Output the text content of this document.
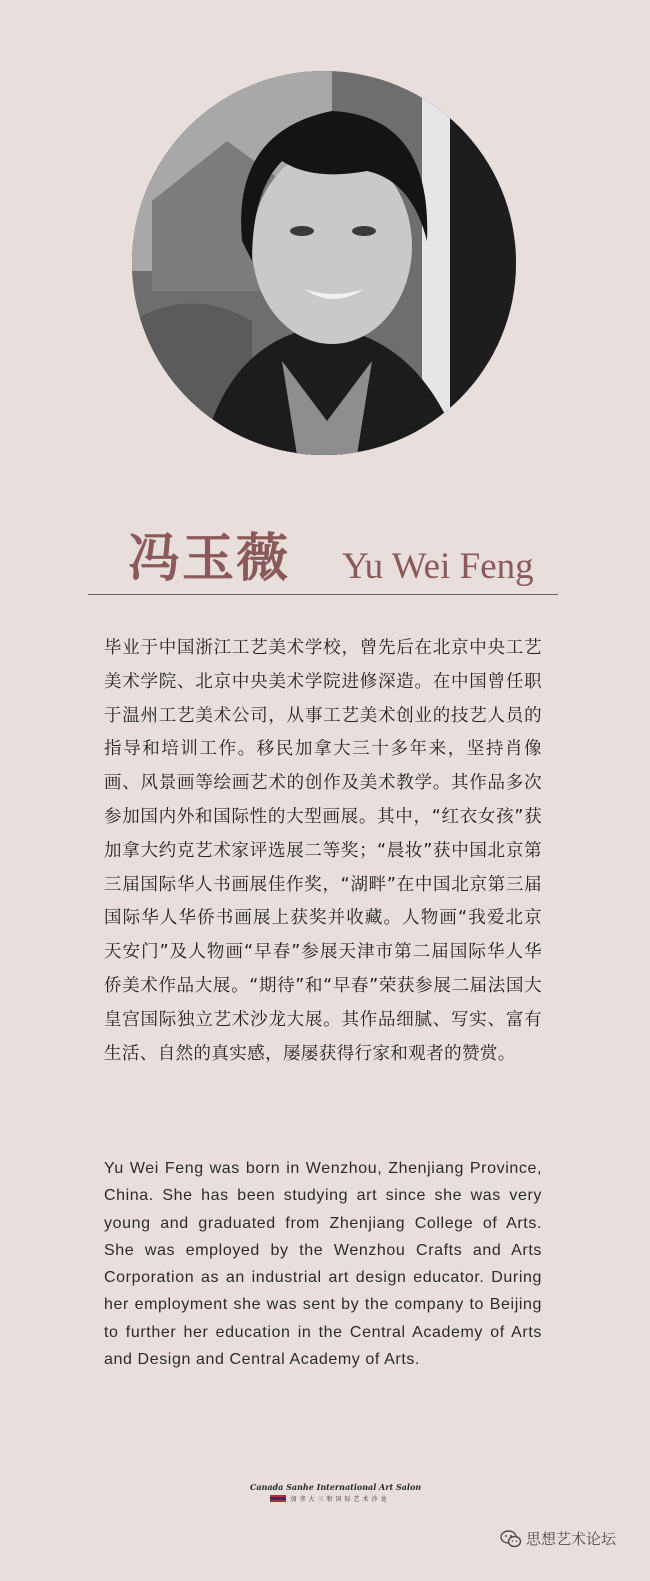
冯玉薇 Yu Wei Feng
毕业于中国浙江工艺美术学校，曾先后在北京中央工艺美术学院、北京中央美术学院进修深造。在中国曾任职于温州工艺美术公司，从事工艺美术创业的技艺人员的指导和培训工作。移民加拿大三十多年来，坚持肖像画、风景画等绘画艺术的创作及美术教学。其作品多次参加国内外和国际性的大型画展。其中，“红衣女孩”获加拿大约克艺术家评选展二等奖；“晨妆”获中国北京第三届国际华人书画展佳作奖，“湖畔”在中国北京第三届国际华人华侨书画展上获奖并收藏。人物画“我爱北京天安门”及人物画“早春”参展天津市第二届国际华人华侨美术作品大展。“期待”和“早春”荣获参展二届法国大皇宫国际独立艺术沙龙大展。其作品细腻、写实、富有生活、自然的真实感，屡屡获得行家和观者的赞赏。
Yu Wei Feng was born in Wenzhou, Zhenjiang Province, China. She has been studying art since she was very young and graduated from Zhenjiang College of Arts. She was employed by the Wenzhou Crafts and Arts Corporation as an industrial art design educator. During her employment she was sent by the company to Beijing to further her education in the Central Academy of Arts and Design and Central Academy of Arts.
Canada Sanhe International Art Salon
加拿大三和国际艺术沙龙
思想艺术论坛
